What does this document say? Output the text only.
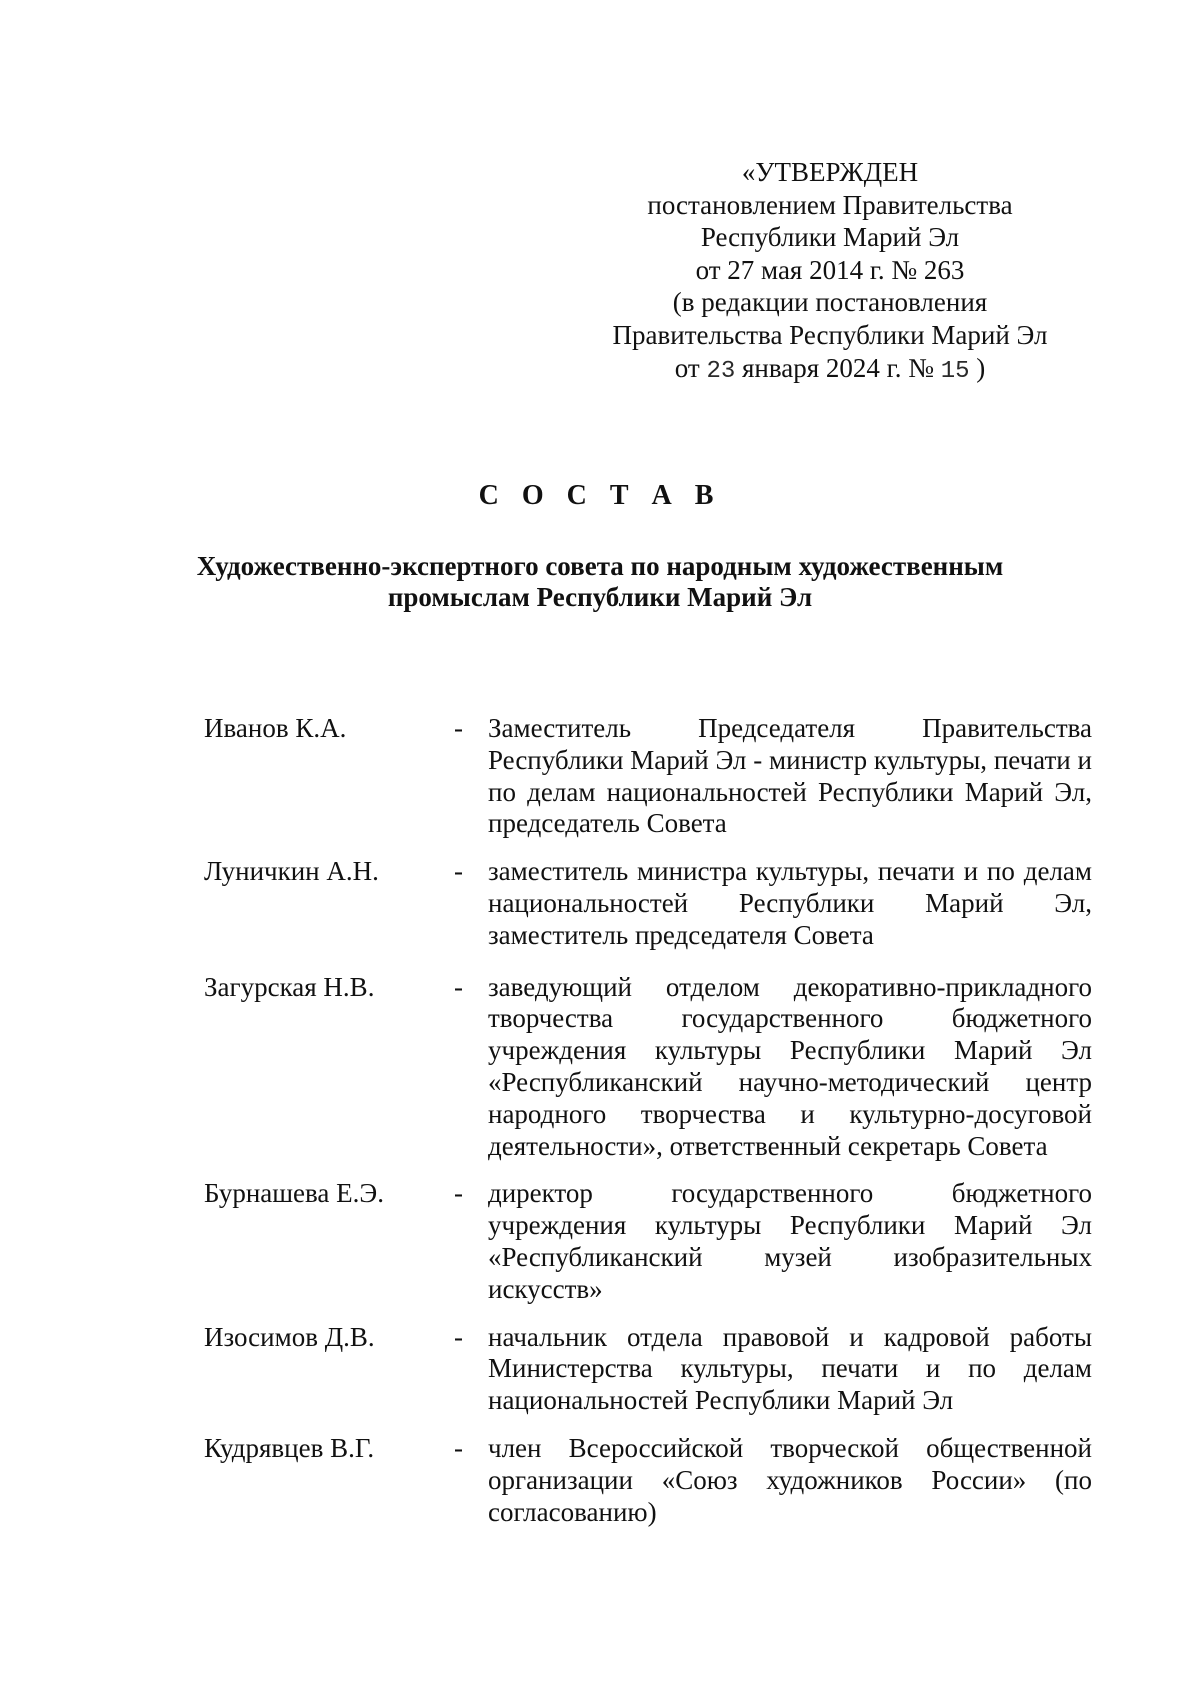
«УТВЕРЖДЕН
постановлением Правительства
Республики Марий Эл
от 27 мая 2014 г. № 263
(в редакции постановления
Правительства Республики Марий Эл
от 23 января 2024 г. № 15 )
С О С Т А В
Художественно-экспертного совета по народным художественным
промыслам Республики Марий Эл
Иванов К.А.	- Заместитель Председателя Правительства Республики Марий Эл - министр культуры, печати и по делам национальностей Республики Марий Эл, председатель Совета
Луничкин А.Н.	- заместитель министра культуры, печати и по делам национальностей Республики Марий Эл, заместитель председателя Совета
Загурская Н.В.	- заведующий отделом декоративно-прикладного творчества государственного бюджетного учреждения культуры Республики Марий Эл «Республиканский научно-методический центр народного творчества и культурно-досуговой деятельности», ответственный секретарь Совета
Бурнашева Е.Э.	- директор государственного бюджетного учреждения культуры Республики Марий Эл «Республиканский музей изобразительных искусств»
Изосимов Д.В.	- начальник отдела правовой и кадровой работы Министерства культуры, печати и по делам национальностей Республики Марий Эл
Кудрявцев В.Г.	- член Всероссийской творческой общественной организации «Союз художников России» (по согласованию)
